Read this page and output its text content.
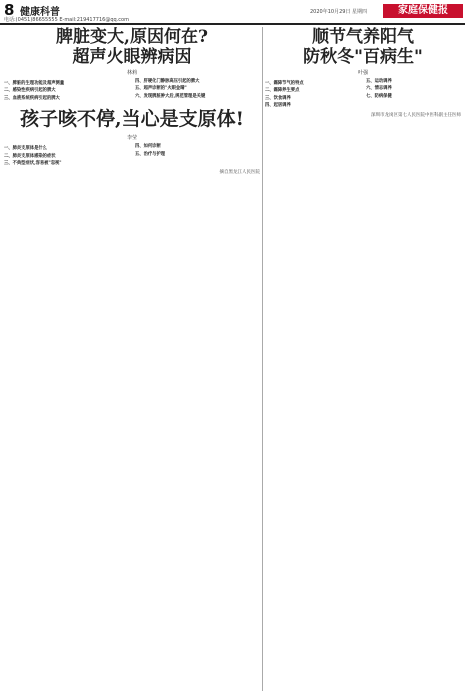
8 健康科普
电话:(0451)86655555 E-mail:219417716@qq.com
2020年10月29日 星期四	家庭保健报
脾脏变大,原因何在?
超声火眼辨病因
林莉
一、脾脏的生理功能及超声测量
二、感染性疾病引起的脾大
三、血液系统疾病引起的脾大
四、肝硬化门静脉高压引起的脾大
五、超声诊断的"火眼金睛"
六、发现脾脏肿大后,规范管理是关键
孩子咳不停,当心是支原体!
李莹
一、肺炎支原体是什么
二、肺炎支原体感染的症状
三、不典型症状,容易被"忽视"
四、如何诊断
五、治疗与护理
摘自黑龙江人民医院
顺节气养阳气
防秋冬"百病生"
叶强
一、霜降节气的特点
二、霜降养生要点
三、饮食调养
四、起居调养
五、运动调养
六、情志调养
七、防病保健
深圳市龙岗区第七人民医院中医科副主任医师
